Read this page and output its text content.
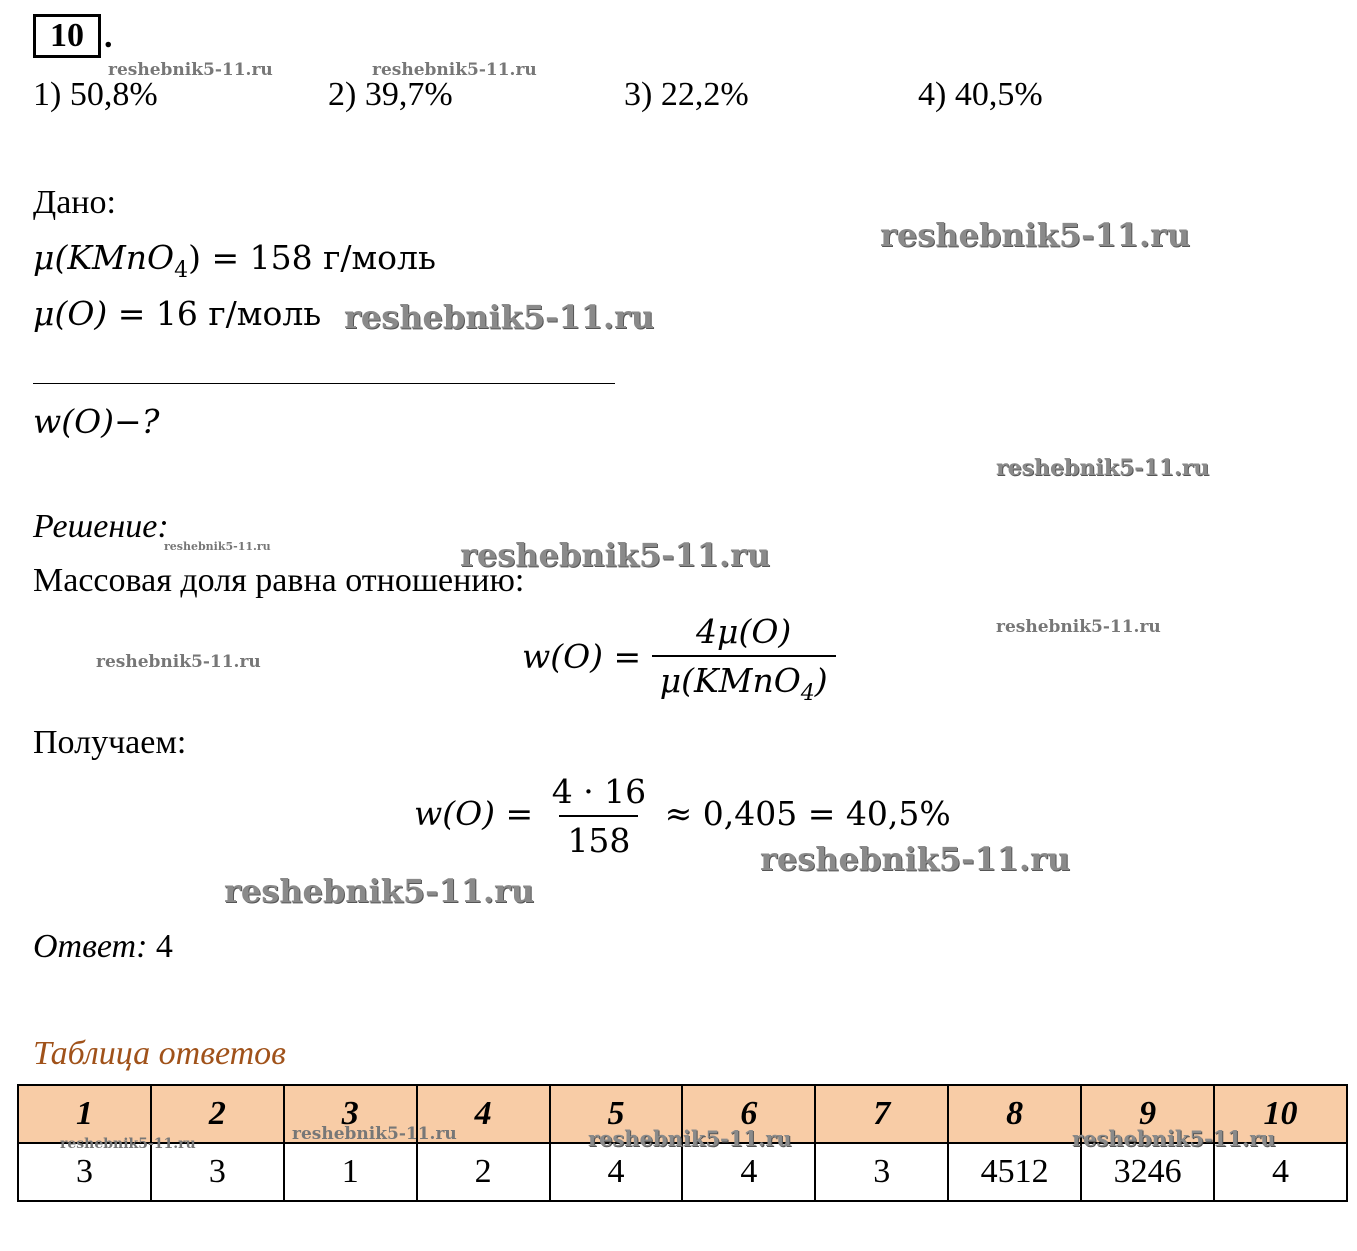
10 .
1) 50,8%	2) 39,7%	3) 22,2%	4) 40,5%
Дано:
μ(KMnO$_4$) = 158 г/моль
μ(O) = 16 г/моль
w(O)−?
Решение:
Массовая доля равна отношению:
$w(O) = \frac{4\mu(O)}{\mu(KMnO_4)}$
Получаем:
$w(O) = \frac{4 \cdot 16}{158} \approx 0,405 = 40,5\%$
Ответ: 4
Таблица ответов
1	2	3	4	5	6	7	8	9	10
3	3	1	2	4	4	3	4512	3246	4
reshebnik5-11.ru	reshebnik5-11.ru
reshebnik5-11.ru
reshebnik5-11.ru
reshebnik5-11.ru
reshebnik5-11.ru	reshebnik5-11.ru
reshebnik5-11.ru
reshebnik5-11.ru
reshebnik5-11.ru
reshebnik5-11.ru
reshebnik5-11.ru	reshebnik5-11.ru	reshebnik5-11.ru	reshebnik5-11.ru
